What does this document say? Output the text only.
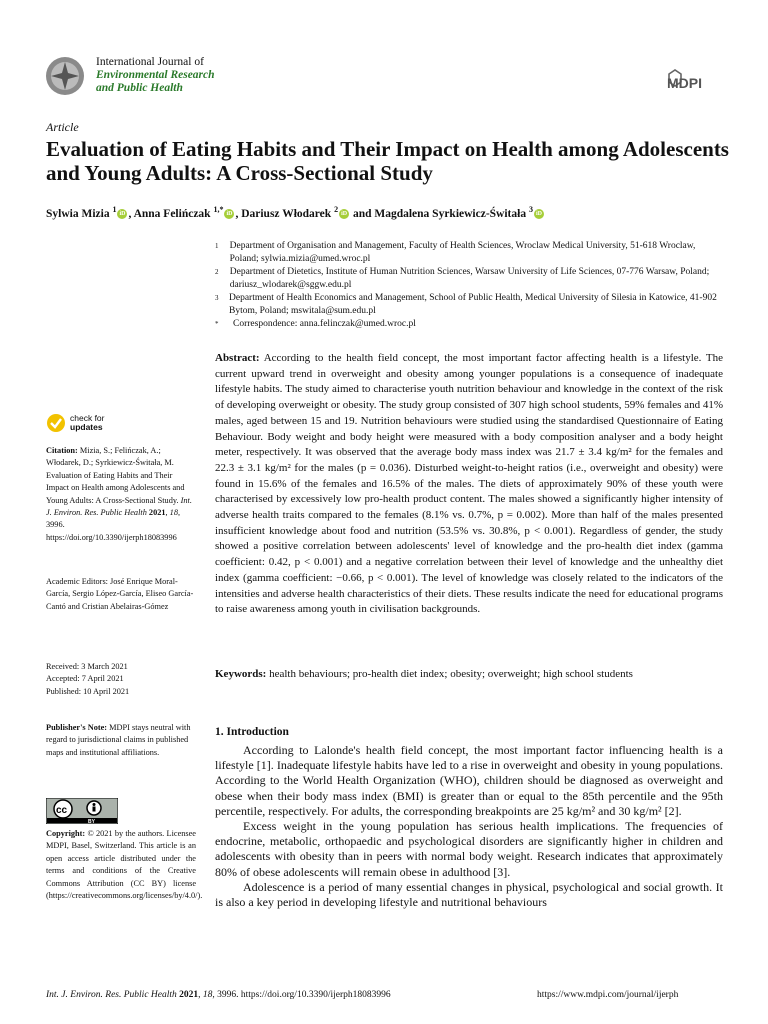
International Journal of
Environmental Research
and Public Health	MDPI
Article
Evaluation of Eating Habits and Their Impact on Health among Adolescents and Young Adults: A Cross-Sectional Study
Sylwia Mizia $^1$iD , Anna Felińczak $^{1,*}$iD , Dariusz Włodarek $^2$iD and Magdalena Syrkiewicz-Świtała $^3$iD
1	Department of Organisation and Management, Faculty of Health Sciences, Wroclaw Medical University, 51-618 Wroclaw, Poland; sylwia.mizia@umed.wroc.pl
2	Department of Dietetics, Institute of Human Nutrition Sciences, Warsaw University of Life Sciences, 07-776 Warsaw, Poland; dariusz_wlodarek@sggw.edu.pl
3	Department of Health Economics and Management, School of Public Health, Medical University of Silesia in Katowice, 41-902 Bytom, Poland; mswitala@sum.edu.pl
*	Correspondence: anna.felinczak@umed.wroc.pl
Abstract: According to the health field concept, the most important factor affecting health is a lifestyle. The current upward trend in overweight and obesity among younger populations is a consequence of inadequate lifestyle habits. The study aimed to characterise youth nutrition behaviour and knowledge in the context of the risk of developing overweight or obesity. The study group consisted of 307 high school students, 59% females and 41% males, aged between 15 and 19. Nutrition behaviours were studied using the standardised Questionnaire of Eating Behaviour. Body weight and body height were measured with a body composition analyser and a body height meter, respectively. It was observed that the average body mass index was 21.7 ± 3.4 kg/m² for the females and 22.3 ± 3.1 kg/m² for the males (p = 0.036). Disturbed weight-to-height ratios (i.e., overweight and obesity) were found in 15.6% of the females and 16.5% of the males. The diets of approximately 90% of these youth were characterised by excessively low pro-health product content. The males showed a significantly higher intensity of adverse health traits compared to the females (8.1% vs. 0.7%, p = 0.002). More than half of the males presented insufficient knowledge about food and nutrition (53.5% vs. 30.8%, p < 0.001). Regardless of gender, the study showed a positive correlation between adolescents' level of knowledge and the pro-health diet index (gamma coefficient: 0.42, p < 0.001) and a negative correlation between their level of knowledge and the unhealthy diet index (gamma coefficient: −0.66, p < 0.001). The level of knowledge was closely related to the indicators of the intensities and adverse health characteristics of their diets. These results indicate the need for educational programs to raise awareness among youth in civilisation backgrounds.
Keywords: health behaviours; pro-health diet index; obesity; overweight; high school students
1. Introduction

According to Lalonde's health field concept, the most important factor influencing health is a lifestyle [1]. Inadequate lifestyle habits have led to a rise in overweight and obesity in young populations. According to the World Health Organization (WHO), children should be diagnosed as overweight and obese when their body mass index (BMI) is greater than or equal to the 85th percentile and the 95th percentile, respectively. For adults, the corresponding breakpoints are 25 kg/m² and 30 kg/m² [2].

Excess weight in the young population has serious health implications. The frequencies of endocrine, metabolic, orthopaedic and psychological disorders are significantly higher in children and adolescents with obesity than in peers with normal body weight. Research indicates that approximately 80% of obese adolescents will remain obese in adulthood [3].

Adolescence is a period of many essential changes in physical, psychological and social growth. It is also a key period in developing lifestyle and nutritional behaviours

check for
updates
Citation: Mizia, S.; Felińczak, A.; Włodarek, D.; Syrkiewicz-Świtała, M. Evaluation of Eating Habits and Their Impact on Health among Adolescents and Young Adults: A Cross-Sectional Study. Int. J. Environ. Res. Public Health 2021, 18, 3996. https://doi.org/10.3390/ijerph18083996
Academic Editors: José Enrique Moral-García, Sergio López-García, Eliseo García-Cantó and Cristian Abelairas-Gómez
Received: 3 March 2021
Accepted: 7 April 2021
Published: 10 April 2021
Publisher's Note: MDPI stays neutral with regard to jurisdictional claims in published maps and institutional affiliations.
cc
BY
Copyright: © 2021 by the authors. Licensee MDPI, Basel, Switzerland. This article is an open access article distributed under the terms and conditions of the Creative Commons Attribution (CC BY) license (https://creativecommons.org/licenses/by/4.0/).
Int. J. Environ. Res. Public Health 2021, 18, 3996. https://doi.org/10.3390/ijerph18083996	https://www.mdpi.com/journal/ijerph
